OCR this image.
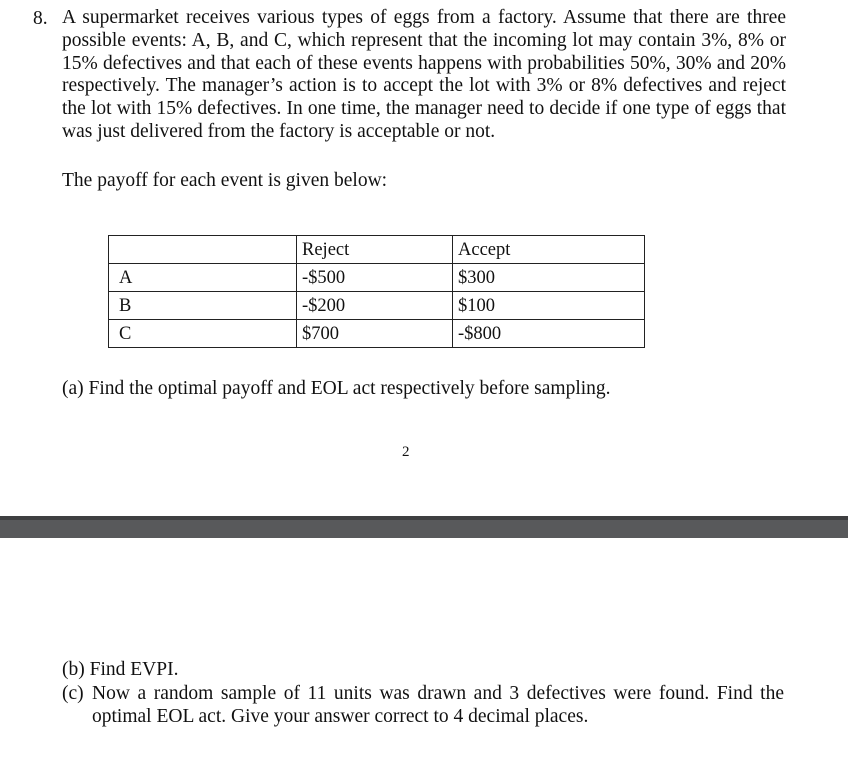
8. A supermarket receives various types of eggs from a factory. Assume that there are three possible events: A, B, and C, which represent that the incoming lot may contain 3%, 8% or 15% defectives and that each of these events happens with probabilities 50%, 30% and 20% respectively. The manager’s action is to accept the lot with 3% or 8% defectives and reject the lot with 15% defectives. In one time, the manager need to decide if one type of eggs that was just delivered from the factory is acceptable or not.
The payoff for each event is given below:
	Reject	Accept
A	-$500	$300
B	-$200	$100
C	$700	-$800
(a) Find the optimal payoff and EOL act respectively before sampling.
2
(b) Find EVPI.
(c) Now a random sample of 11 units was drawn and 3 defectives were found. Find the optimal EOL act. Give your answer correct to 4 decimal places.
